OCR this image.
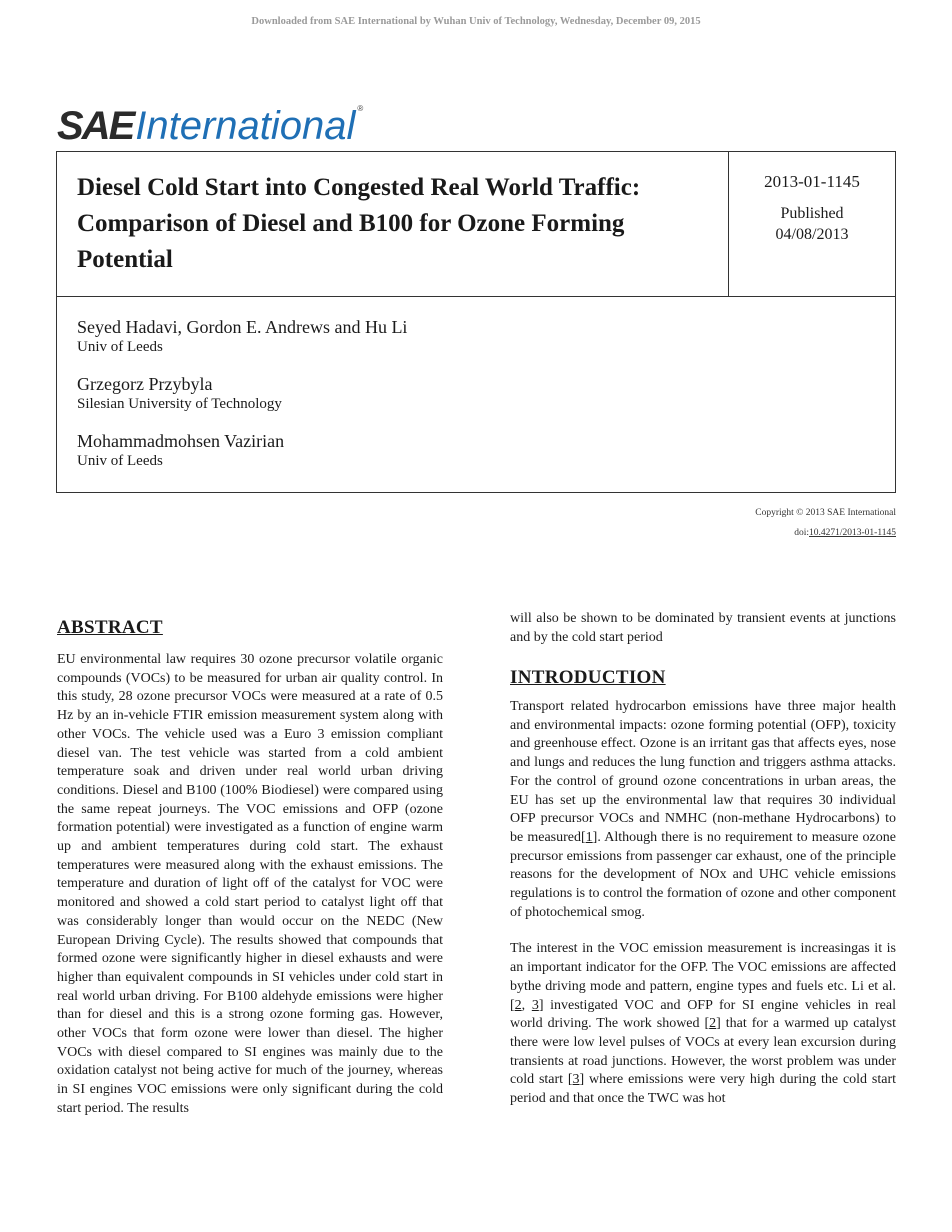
Downloaded from SAE International by Wuhan Univ of Technology, Wednesday, December 09, 2015
SAE International ®
Diesel Cold Start into Congested Real World Traffic: Comparison of Diesel and B100 for Ozone Forming Potential
2013-01-1145
Published
04/08/2013
Seyed Hadavi, Gordon E. Andrews and Hu Li
Univ of Leeds
Grzegorz Przybyla
Silesian University of Technology
Mohammadmohsen Vazirian
Univ of Leeds
Copyright © 2013 SAE International
doi:10.4271/2013-01-1145
ABSTRACT

EU environmental law requires 30 ozone precursor volatile organic compounds (VOCs) to be measured for urban air quality control. In this study, 28 ozone precursor VOCs were measured at a rate of 0.5 Hz by an in-vehicle FTIR emission measurement system along with other VOCs. The vehicle used was a Euro 3 emission compliant diesel van. The test vehicle was started from a cold ambient temperature soak and driven under real world urban driving conditions. Diesel and B100 (100% Biodiesel) were compared using the same repeat journeys. The VOC emissions and OFP (ozone formation potential) were investigated as a function of engine warm up and ambient temperatures during cold start. The exhaust temperatures were measured along with the exhaust emissions. The temperature and duration of light off of the catalyst for VOC were monitored and showed a cold start period to catalyst light off that was considerably longer than would occur on the NEDC (New European Driving Cycle). The results showed that compounds that formed ozone were significantly higher in diesel exhausts and were higher than equivalent compounds in SI vehicles under cold start in real world urban driving. For B100 aldehyde emissions were higher than for diesel and this is a strong ozone forming gas. However, other VOCs that form ozone were lower than diesel. The higher VOCs with diesel compared to SI engines was mainly due to the oxidation catalyst not being active for much of the journey, whereas in SI engines VOC emissions were only significant during the cold start period. The results

will also be shown to be dominated by transient events at junctions and by the cold start period

INTRODUCTION

Transport related hydrocarbon emissions have three major health and environmental impacts: ozone forming potential (OFP), toxicity and greenhouse effect. Ozone is an irritant gas that affects eyes, nose and lungs and reduces the lung function and triggers asthma attacks. For the control of ground ozone concentrations in urban areas, the EU has set up the environmental law that requires 30 individual OFP precursor VOCs and NMHC (non-methane Hydrocarbons) to be measured[1]. Although there is no requirement to measure ozone precursor emissions from passenger car exhaust, one of the principle reasons for the development of NOx and UHC vehicle emissions regulations is to control the formation of ozone and other component of photochemical smog.

The interest in the VOC emission measurement is increasingas it is an important indicator for the OFP. The VOC emissions are affected bythe driving mode and pattern, engine types and fuels etc. Li et al. [2, 3] investigated VOC and OFP for SI engine vehicles in real world driving. The work showed [2] that for a warmed up catalyst there were low level pulses of VOCs at every lean excursion during transients at road junctions. However, the worst problem was under cold start [3] where emissions were very high during the cold start period and that once the TWC was hot
